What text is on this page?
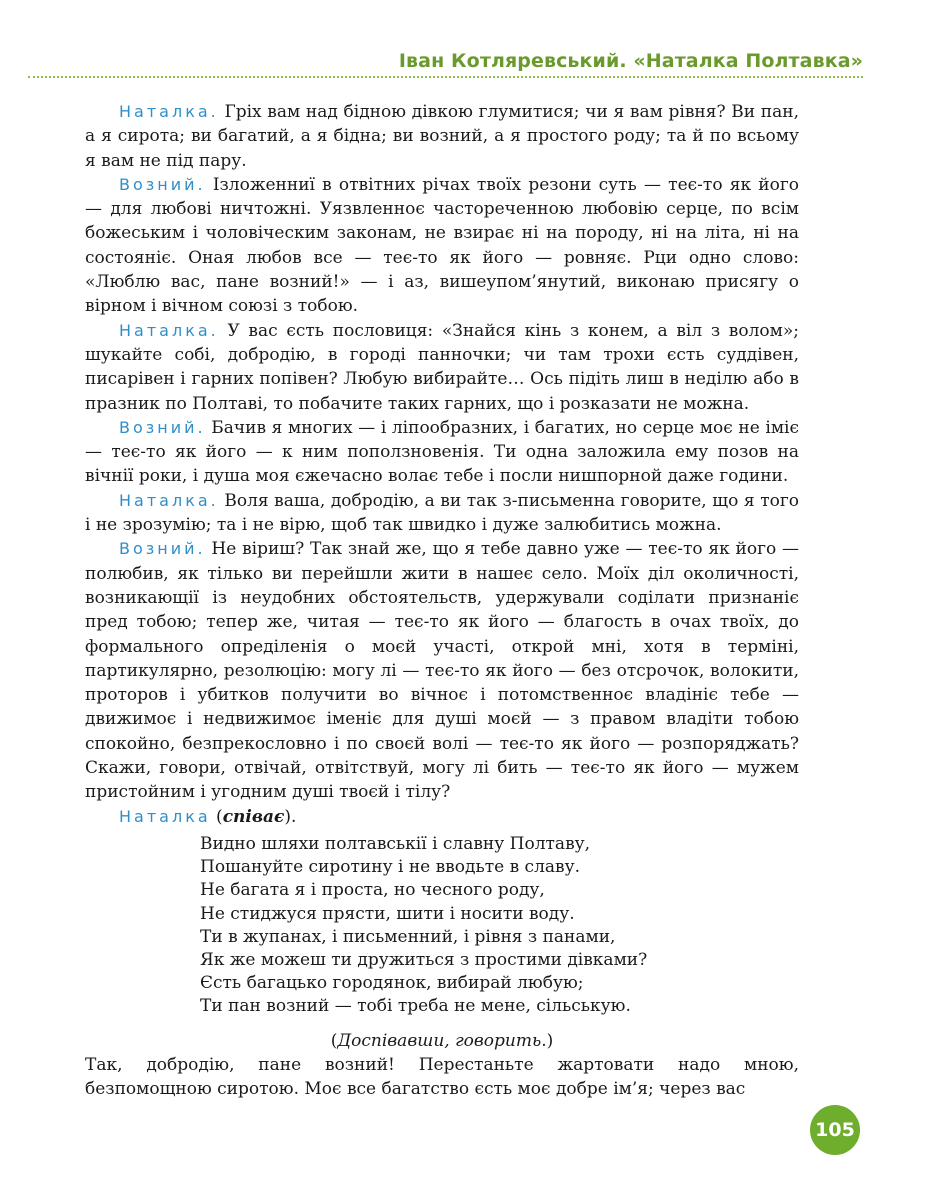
Іван Котляревський. «Наталка Полтавка»

Наталка. Гріх вам над бідною дівкою глумитися; чи я вам рівня? Ви пан, а я сирота; ви багатий, а я бідна; ви возний, а я простого роду; та й по всьому я вам не під пару.

Возний. Ізложенниї в отвітних річах твоїх резони суть — теє-то як його — для любові ничтожні. Уязвленноє частореченною любовію серце, по всім божеським і чоловіческим законам, не взирає ні на породу, ні на літа, ні на состояніє. Оная любов все — теє-то як його — ровняє. Рци одно слово: «Люблю вас, пане возний!» — і аз, вишеупом’янутий, виконаю присягу о вірном і вічном союзі з тобою.

Наталка. У вас єсть пословиця: «Знайся кінь з конем, а віл з волом»; шукайте собі, добродію, в городі панночки; чи там трохи єсть суддівен, писарівен і гарних попівен? Любую вибирайте… Ось підіть лиш в неділю або в празник по Полтаві, то побачите таких гарних, що і розказати не можна.

Возний. Бачив я многих — і ліпообразних, і багатих, но серце моє не іміє — теє-то як його — к ним поползновенія. Ти одна заложила ему позов на вічнії роки, і душа моя єжечасно волає тебе і посли нишпорной даже години.

Наталка. Воля ваша, добродію, а ви так з-письменна говорите, що я того і не зрозумію; та і не вірю, щоб так швидко і дуже залюбитись можна.

Возний. Не віриш? Так знай же, що я тебе давно уже — теє-то як його — полюбив, як тілько ви перейшли жити в нашеє село. Моїх діл околичності, возникающії із неудобних обстоятельств, удержували соділати признаніє пред тобою; тепер же, читая — теє-то як його — благость в очах твоїх, до формального опреділенія о моєй участі, открой мні, хотя в терміні, партикулярно, резолюцію: могу лі — теє-то як його — без отсрочок, волокити, проторов і убитков получити во вічноє і потомственноє владініє тебе — движимоє і недвижимоє іменіє для душі моєй — з правом владіти тобою спокойно, безпрекословно і по своєй волі — теє-то як його — розпоряджать? Скажи, говори, отвічай, отвітствуй, могу лі бить — теє-то як його — мужем пристойним і угодним душі твоєй і тілу?

Наталка (співає).

Видно шляхи полтавськії і славну Полтаву,
Пошануйте сиротину і не вводьте в славу.
Не багата я і проста, но чесного роду,
Не стиджуся прясти, шити і носити воду.
Ти в жупанах, і письменний, і рівня з панами,
Як же можеш ти дружиться з простими дівками?
Єсть багацько городянок, вибирай любую;
Ти пан возний — тобі треба не мене, сільськую.

(Доспівавши, говорить.)

Так, добродію, пане возний! Перестаньте жартовати надо мною, безпомощною сиротою. Моє все багатство єсть моє добре ім’я; через вас

105
